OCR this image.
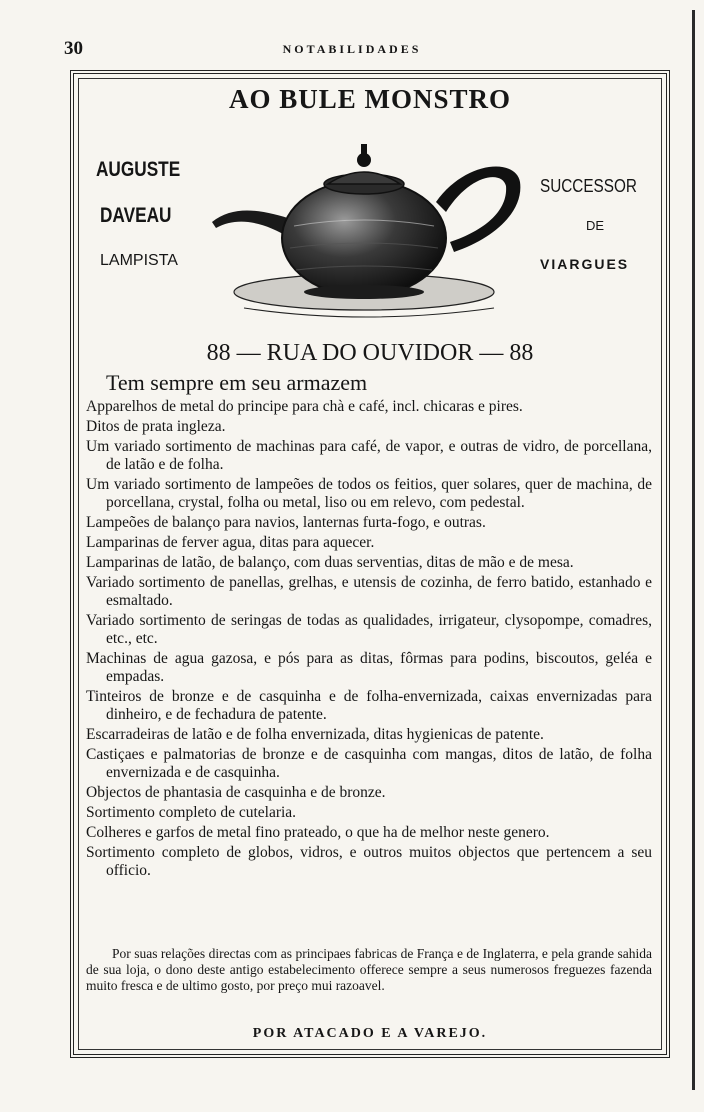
30	NOTABILIDADES
AO BULE MONSTRO
AUGUSTE
DAVEAU
LAMPISTA
SUCCESSOR
DE
VIARGUES
88 — RUA DO OUVIDOR — 88
Tem sempre em seu armazem
Apparelhos de metal do principe para chà e café, incl. chicaras e pires.
Ditos de prata ingleza.
Um variado sortimento de machinas para café, de vapor, e outras de vidro, de porcellana, de latão e de folha.
Um variado sortimento de lampeões de todos os feitios, quer solares, quer de machina, de porcellana, crystal, folha ou metal, liso ou em relevo, com pedestal.
Lampeões de balanço para navios, lanternas furta-fogo, e outras.
Lamparinas de ferver agua, ditas para aquecer.
Lamparinas de latão, de balanço, com duas serventias, ditas de mão e de mesa.
Variado sortimento de panellas, grelhas, e utensis de cozinha, de ferro batido, estanhado e esmaltado.
Variado sortimento de seringas de todas as qualidades, irrigateur, clysopompe, comadres, etc., etc.
Machinas de agua gazosa, e pós para as ditas, fôrmas para podins, biscoutos, geléa e empadas.
Tinteiros de bronze e de casquinha e de folha-envernizada, caixas envernizadas para dinheiro, e de fechadura de patente.
Escarradeiras de latão e de folha envernizada, ditas hygienicas de patente.
Castiçaes e palmatorias de bronze e de casquinha com mangas, ditos de latão, de folha envernizada e de casquinha.
Objectos de phantasia de casquinha e de bronze.
Sortimento completo de cutelaria.
Colheres e garfos de metal fino prateado, o que ha de melhor neste genero.
Sortimento completo de globos, vidros, e outros muitos objectos que pertencem a seu officio.

Por suas relações directas com as principaes fabricas de França e de Inglaterra, e pela grande sahida de sua loja, o dono deste antigo estabelecimento offerece sempre a seus numerosos freguezes fazenda muito fresca e de ultimo gosto, por preço mui razoavel.

POR ATACADO E A VAREJO.
